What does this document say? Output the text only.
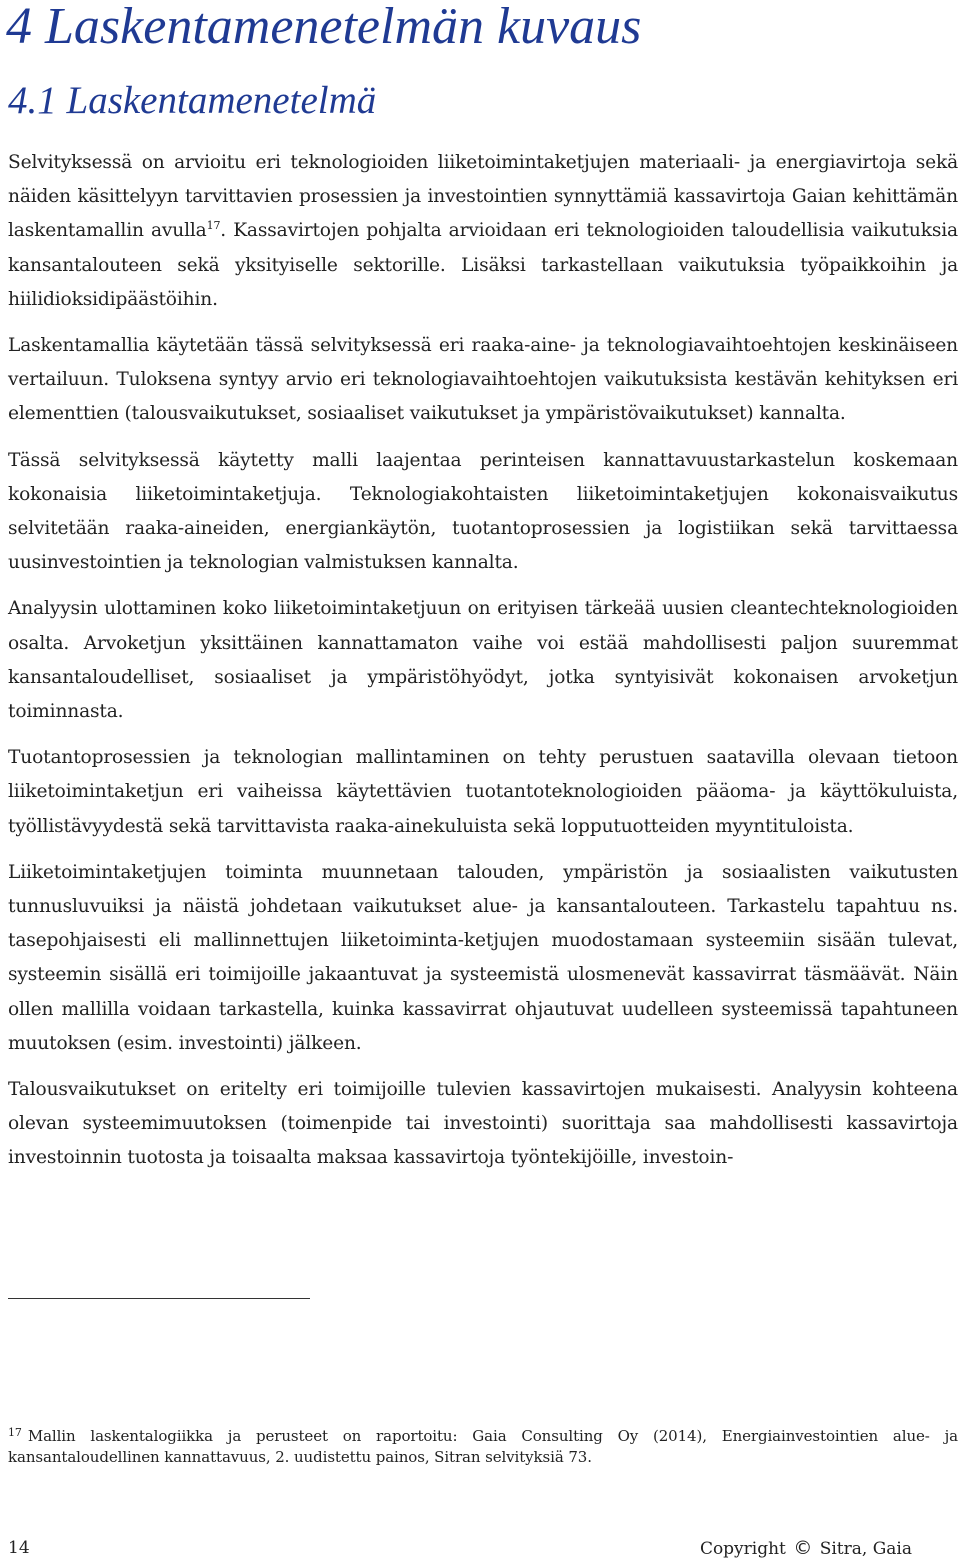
4 Laskentamenetelmän kuvaus
4.1 Laskentamenetelmä

Selvityksessä on arvioitu eri teknologioiden liiketoimintaketjujen materiaali- ja energiavirtoja sekä näiden käsittelyyn tarvittavien prosessien ja investointien synnyttämiä kassavirtoja Gaian kehittämän laskentamallin avulla$^{17}$. Kassavirtojen pohjalta arvioidaan eri teknologioiden taloudellisia vaikutuksia kansantalouteen sekä yksityiselle sektorille. Lisäksi tarkastellaan vaikutuksia työpaikkoihin ja hiilidioksidipäästöihin.

Laskentamallia käytetään tässä selvityksessä eri raaka-aine- ja teknologiavaihtoehtojen keskinäiseen vertailuun. Tuloksena syntyy arvio eri teknologiavaihtoehtojen vaikutuksista kestävän kehityksen eri elementtien (talousvaikutukset, sosiaaliset vaikutukset ja ympäristövaikutukset) kannalta.

Tässä selvityksessä käytetty malli laajentaa perinteisen kannattavuustarkastelun koskemaan kokonaisia liiketoimintaketjuja. Teknologiakohtaisten liiketoimintaketjujen kokonaisvaikutus selvitetään raaka-aineiden, energiankäytön, tuotantoprosessien ja logistiikan sekä tarvittaessa uusinvestointien ja teknologian valmistuksen kannalta.

Analyysin ulottaminen koko liiketoimintaketjuun on erityisen tärkeää uusien cleantechteknologioiden osalta. Arvoketjun yksittäinen kannattamaton vaihe voi estää mahdollisesti paljon suuremmat kansantaloudelliset, sosiaaliset ja ympäristöhyödyt, jotka syntyisivät kokonaisen arvoketjun toiminnasta.

Tuotantoprosessien ja teknologian mallintaminen on tehty perustuen saatavilla olevaan tietoon liiketoimintaketjun eri vaiheissa käytettävien tuotantoteknologioiden pääoma- ja käyttökuluista, työllistävyydestä sekä tarvittavista raaka-ainekuluista sekä lopputuotteiden myyntituloista.

Liiketoimintaketjujen toiminta muunnetaan talouden, ympäristön ja sosiaalisten vaikutusten tunnusluvuiksi ja näistä johdetaan vaikutukset alue- ja kansantalouteen. Tarkastelu tapahtuu ns. tasepohjaisesti eli mallinnettujen liiketoiminta-ketjujen muodostamaan systeemiin sisään tulevat, systeemin sisällä eri toimijoille jakaantuvat ja systeemistä ulosmenevät kassavirrat täsmäävät. Näin ollen mallilla voidaan tarkastella, kuinka kassavirrat ohjautuvat uudelleen systeemissä tapahtuneen muutoksen (esim. investointi) jälkeen.

Talousvaikutukset on eritelty eri toimijoille tulevien kassavirtojen mukaisesti. Analyysin kohteena olevan systeemimuutoksen (toimenpide tai investointi) suorittaja saa mahdollisesti kassavirtoja investoinnin tuotosta ja toisaalta maksaa kassavirtoja työntekijöille, investoin-

$^{17}$ Mallin laskentalogiikka ja perusteet on raportoitu: Gaia Consulting Oy (2014), Energiainvestointien alue- ja kansantaloudellinen kannattavuus, 2. uudistettu painos, Sitran selvityksiä 73.

14	Copyright © Sitra, Gaia
